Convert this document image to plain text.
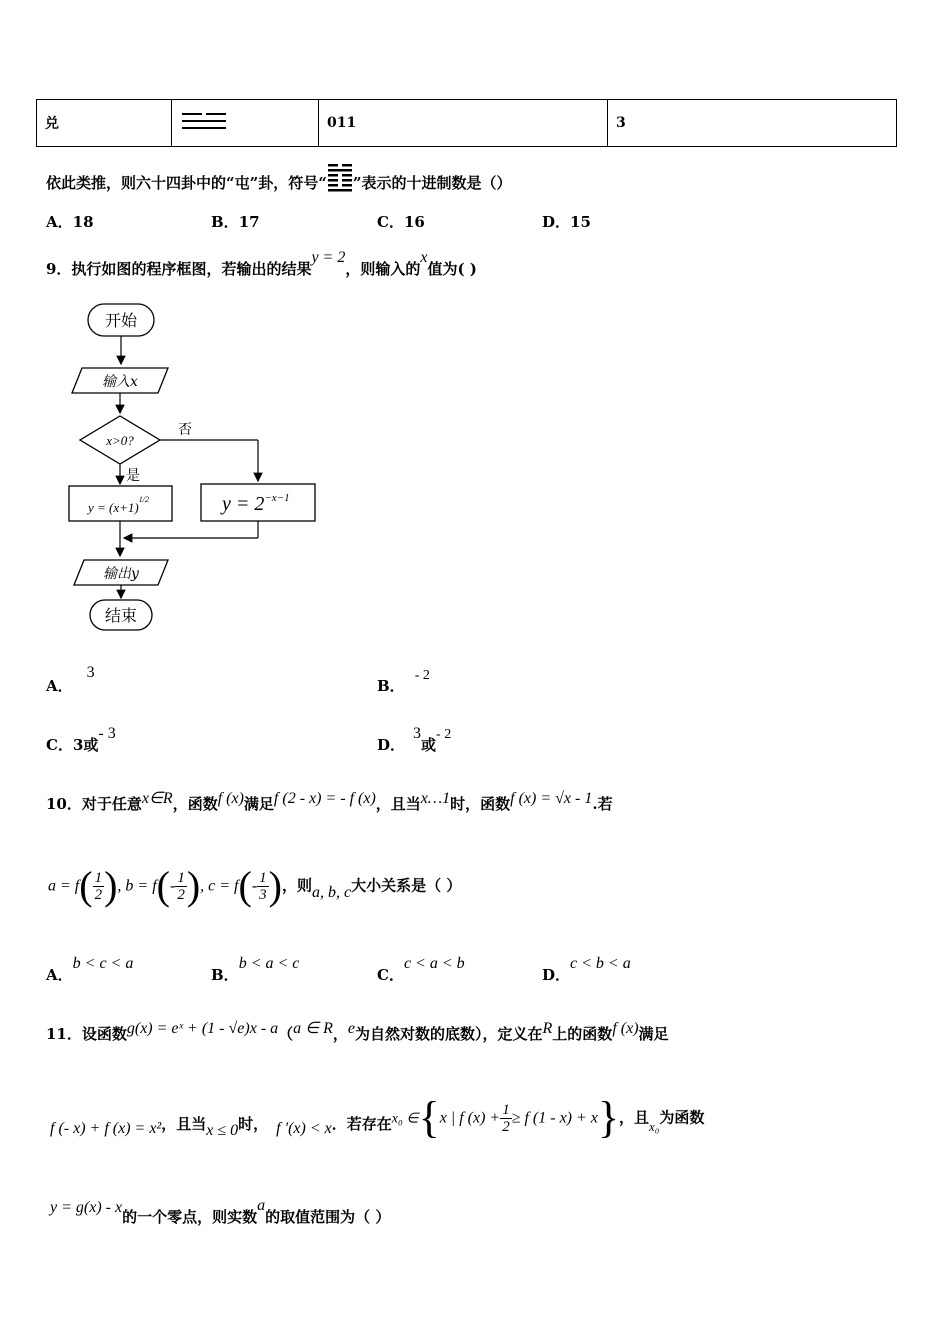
兑		011	3
依此类推，则六十四卦中的“屯”卦，符号“ ”表示的十进制数是（）
A．18	B．17	C．16	D．15
9．执行如图的程序框图，若输出的结果y = 2，则输入的x值为( )
开始
输入x
x>0?
否
是
$y = (x+1)^{1/2}$	$y = 2^{-x-1}$
输出y
结束
A．3
B．- 2
C．3或- 3
D．3或- 2
10．对于任意x∈R，函数f (x)满足f (2 - x) = - f (x)，且当x…1时，函数f (x) = √x - 1.若
$a = f( \frac{1}{2}$ ), $b = f(- \frac{1}{2}$ ), $c = f(- \frac{1}{3}$ )，则a, b, c大小关系是（ ）
A．b < c < a
B．b < a < c
C．c < a < b
D．c < b < a
11．设函数g(x) = eˣ + (1 - √e)x - a（a ∈ R，e为自然对数的底数），定义在R上的函数f (x)满足
f (- x) + f (x) = x²，且当x ≤ 0时， f ′(x) < x．若存在x₀ ∈{x | f $(x) + \frac{1}{2} \ge f$ (1 - x) + x}，且$_{x_0}$为函数
y = g(x) - x的一个零点，则实数a的取值范围为（ ）
